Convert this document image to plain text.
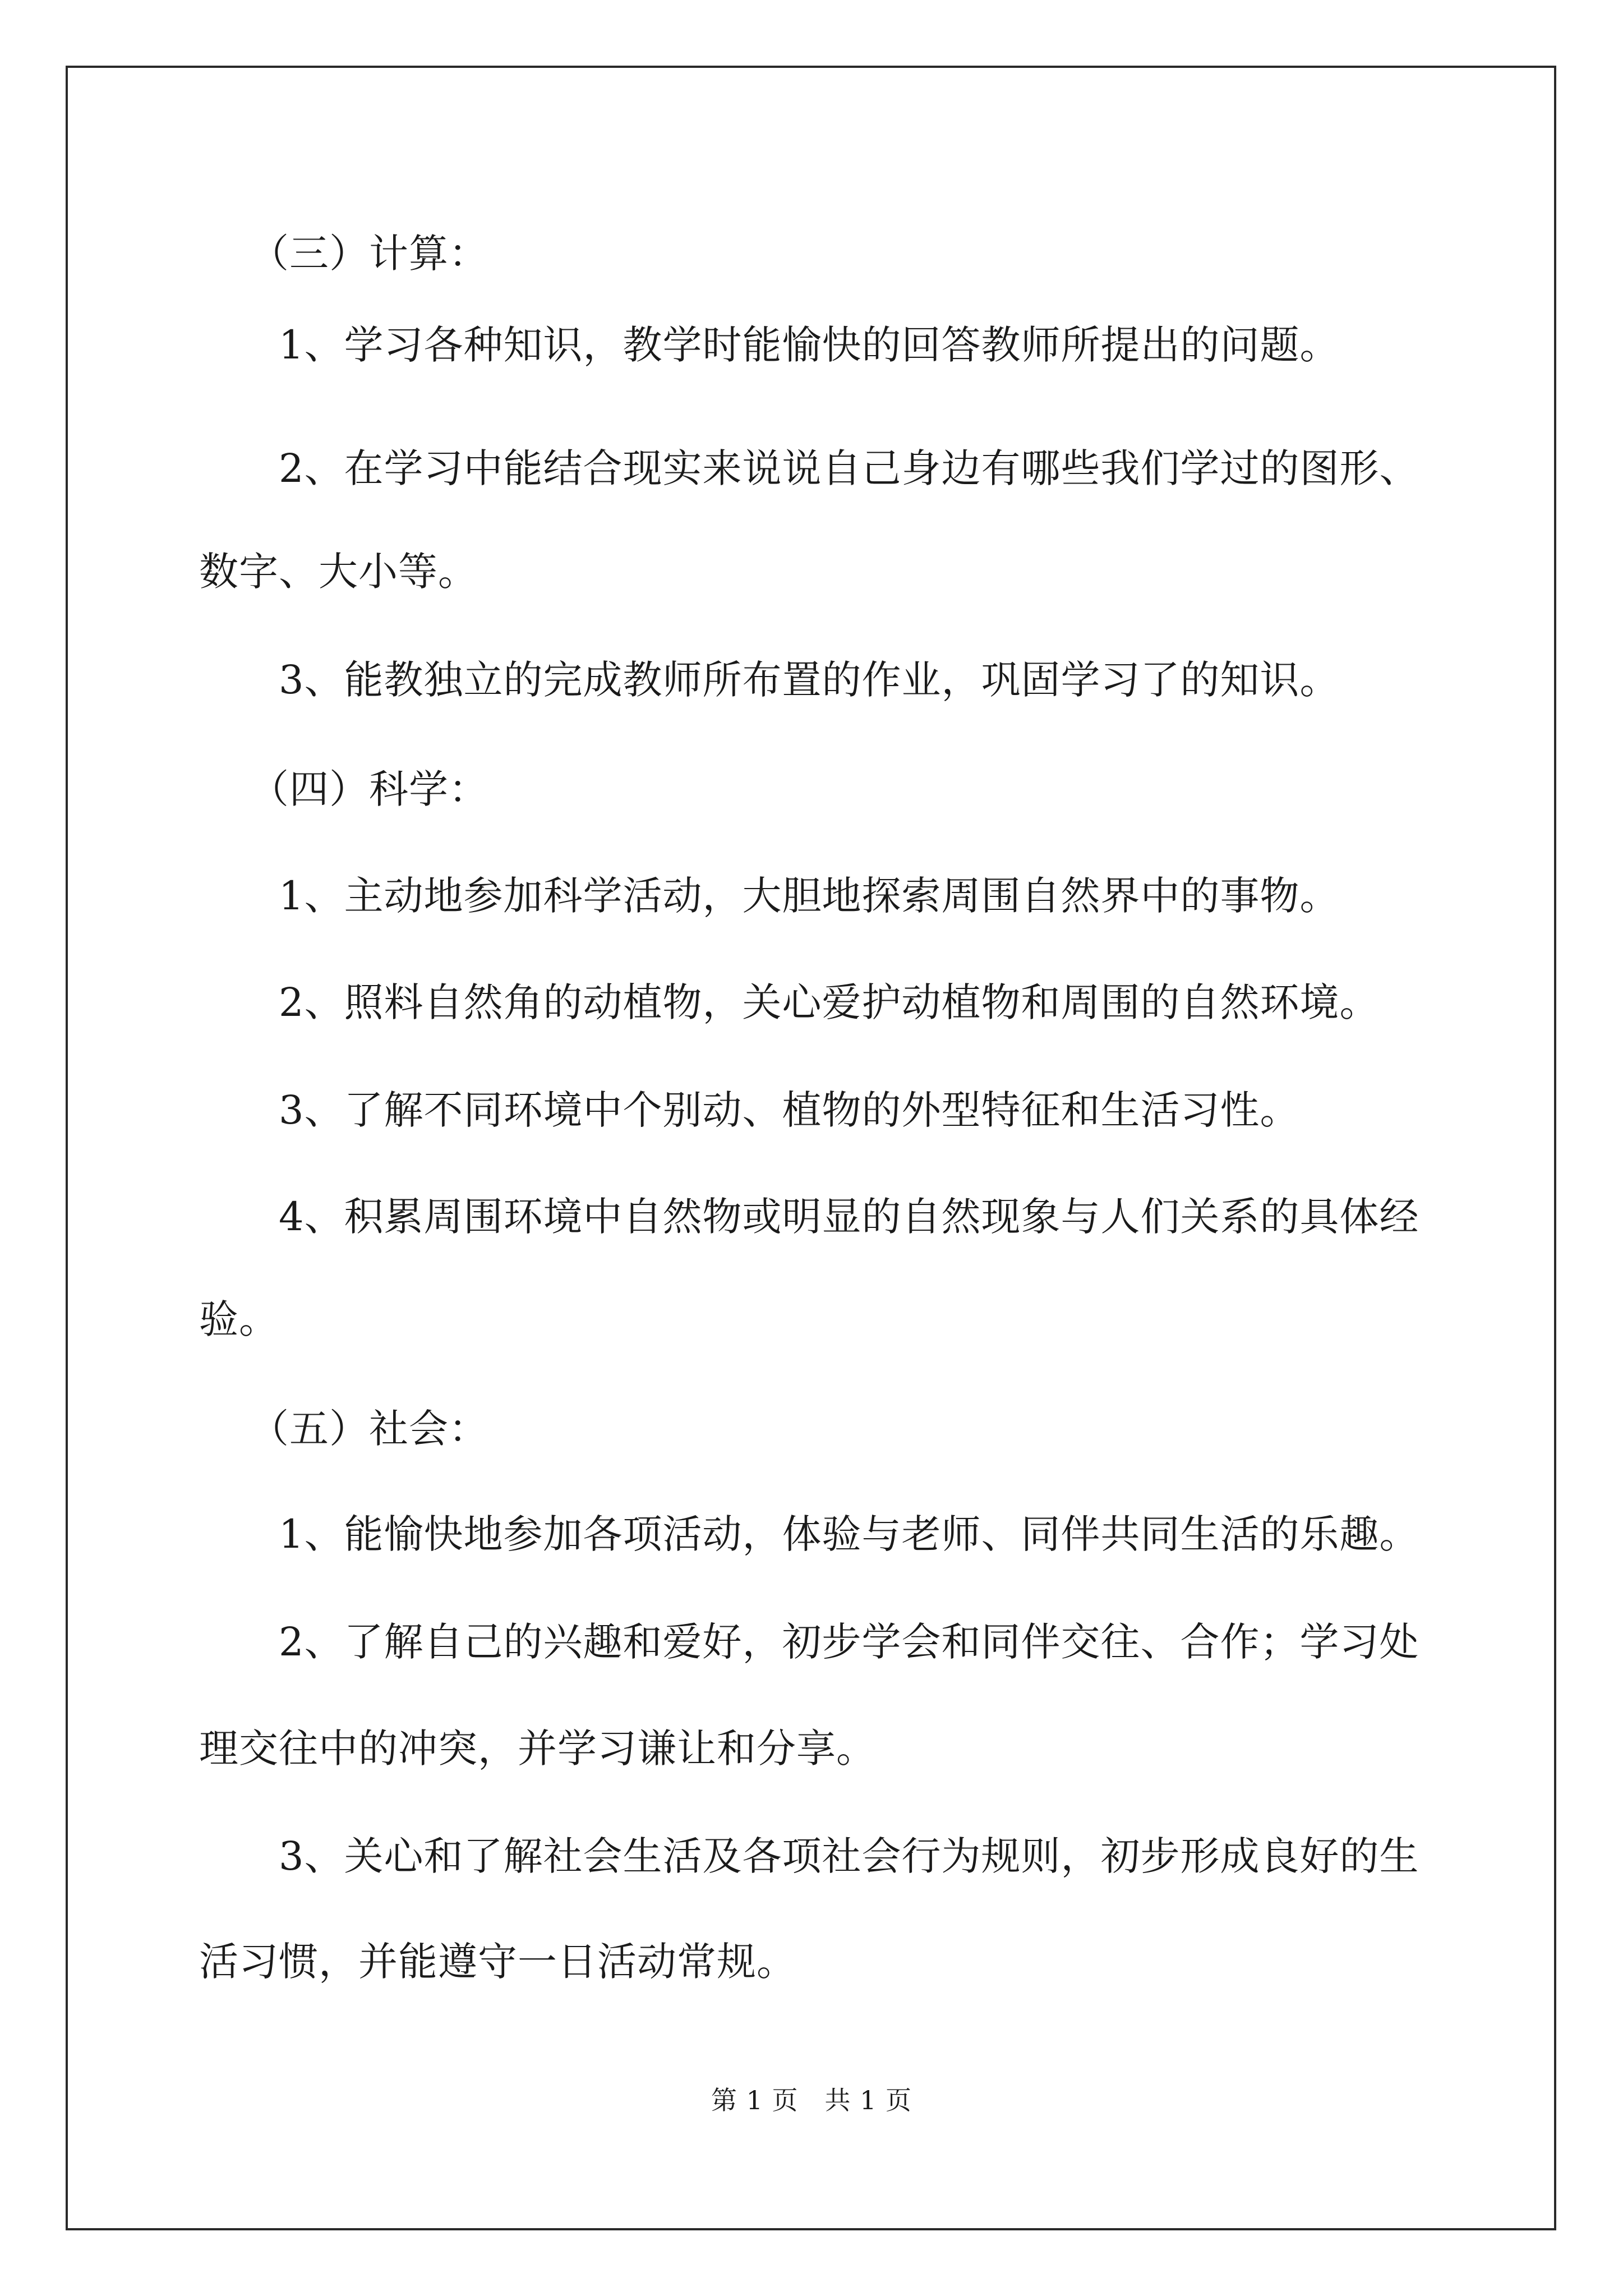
（三）计算：
1、学习各种知识，教学时能愉快的回答教师所提出的问题。
2、在学习中能结合现实来说说自己身边有哪些我们学过的图形、
数字、大小等。
3、能教独立的完成教师所布置的作业，巩固学习了的知识。
（四）科学：
1、主动地参加科学活动，大胆地探索周围自然界中的事物。
2、照料自然角的动植物，关心爱护动植物和周围的自然环境。
3、了解不同环境中个别动、植物的外型特征和生活习性。
4、积累周围环境中自然物或明显的自然现象与人们关系的具体经
验。
（五）社会：
1、能愉快地参加各项活动，体验与老师、同伴共同生活的乐趣。
2、了解自己的兴趣和爱好，初步学会和同伴交往、合作；学习处
理交往中的冲突，并学习谦让和分享。
3、关心和了解社会生活及各项社会行为规则，初步形成良好的生
活习惯，并能遵守一日活动常规。
第 1 页　共 1 页
